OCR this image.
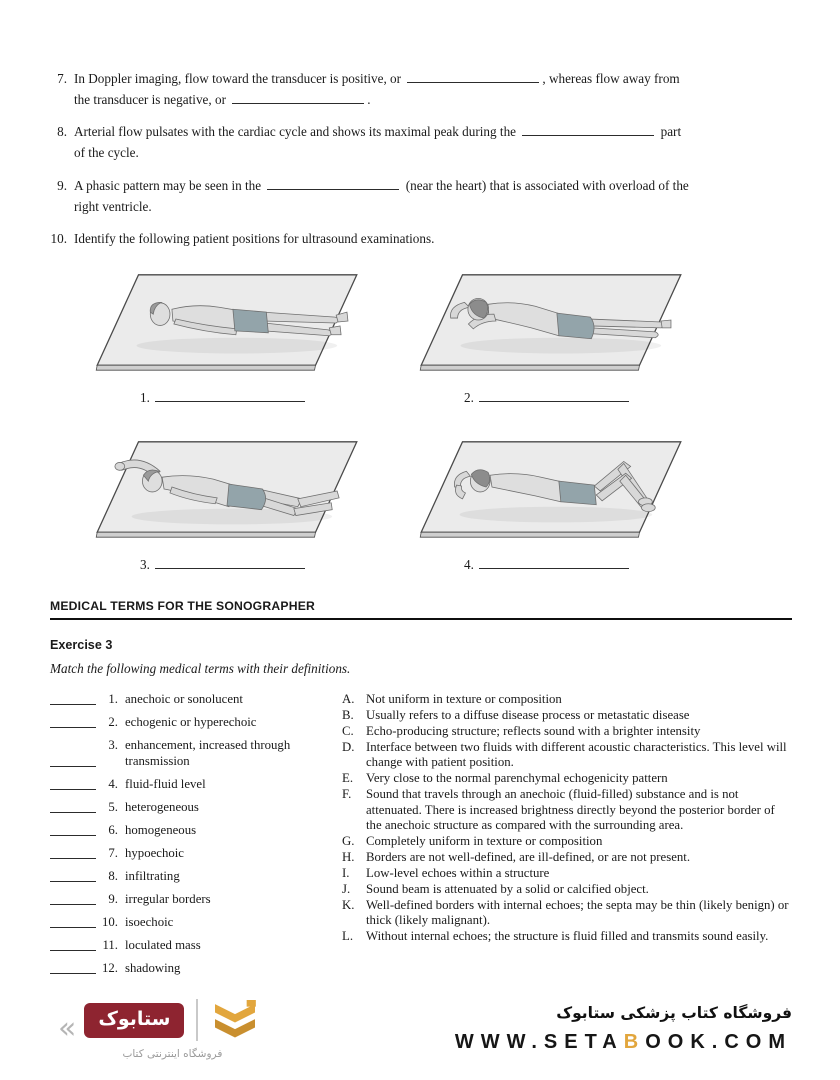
7. In Doppler imaging, flow toward the transducer is positive, or	, whereas flow away from
the transducer is negative, or	.
8. Arterial flow pulsates with the cardiac cycle and shows its maximal peak during the	part
of the cycle.
9. A phasic pattern may be seen in the	(near the heart) that is associated with overload of the
right ventricle.
10. Identify the following patient positions for ultrasound examinations.
1.	2.
3.	4.
MEDICAL TERMS FOR THE SONOGRAPHER
Exercise 3
Match the following medical terms with their definitions.
1. anechoic or sonolucent
2. echogenic or hyperechoic
3. enhancement, increased through transmission
4. fluid-fluid level
5. heterogeneous
6. homogeneous
7. hypoechoic
8. infiltrating
9. irregular borders
10. isoechoic
11. loculated mass
12. shadowing
A. Not uniform in texture or composition
B. Usually refers to a diffuse disease process or metastatic disease
C. Echo-producing structure; reflects sound with a brighter intensity
D. Interface between two fluids with different acoustic characteristics. This level will change with patient position.
E.	Very close to the normal parenchymal echogenicity pattern
F.	Sound that travels through an anechoic (fluid-filled) substance and is not attenuated. There is increased brightness directly beyond the posterior border of the anechoic structure as compared with the surrounding area.
G. Completely uniform in texture or composition
H. Borders are not well-defined, are ill-defined, or are not present.
I.	Low-level echoes within a structure
J.	Sound beam is attenuated by a solid or calcified object.
K. Well-defined borders with internal echoes; the septa may be thin (likely benign) or thick (likely malignant).
L.	Without internal echoes; the structure is fluid filled and transmits sound easily.
«	ستابوک
فروشگاه اینترنتی کتاب
فروشگاه کتاب پزشکی ستابوک
WWW.SETABOOK.COM
